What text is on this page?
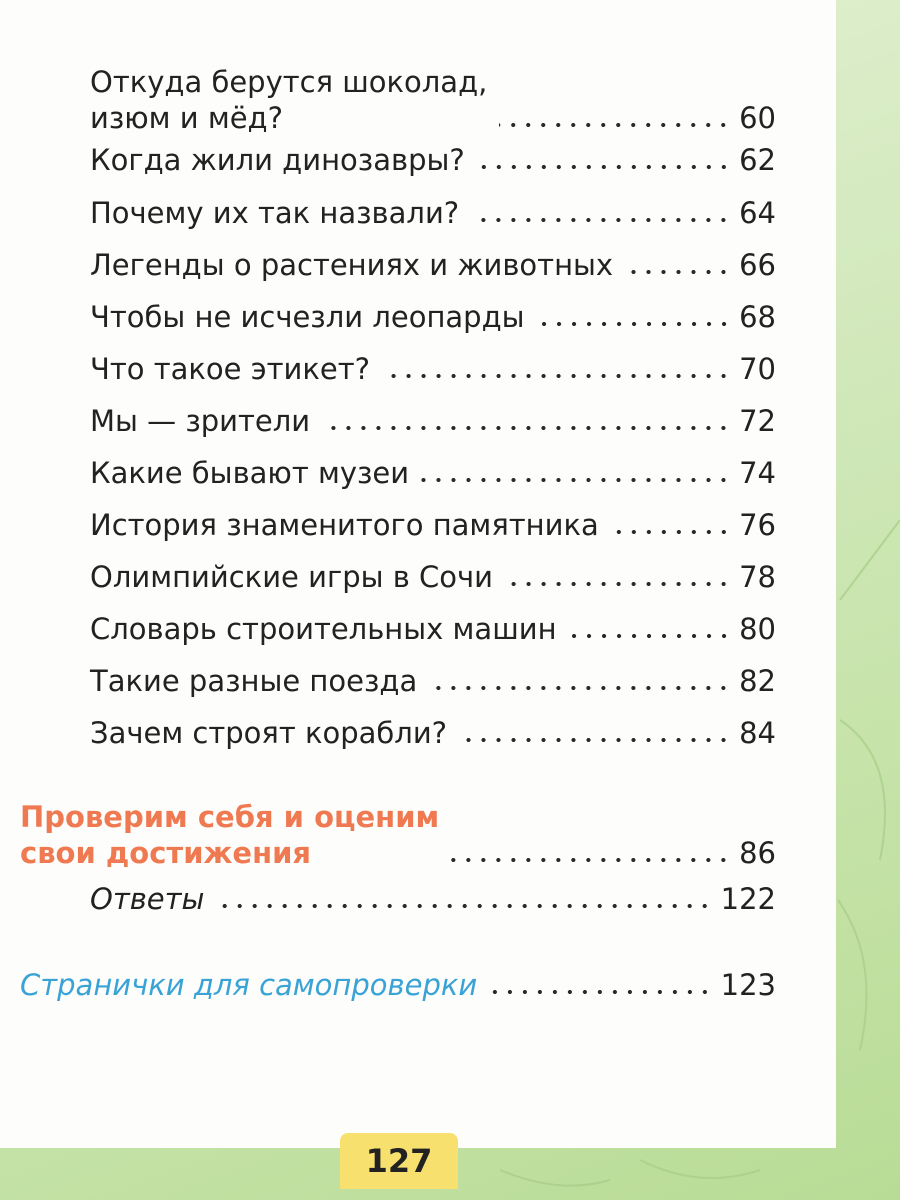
Откуда берутся шоколад,
изюм и мёд?	60
Когда жили динозавры?	62
Почему их так назвали?	64
Легенды о растениях и животных	66
Чтобы не исчезли леопарды	68
Что такое этикет?	70
Мы — зрители	72
Какие бывают музеи	74
История знаменитого памятника	76
Олимпийские игры в Сочи	78
Словарь строительных машин	80
Такие разные поезда	82
Зачем строят корабли?	84
Проверим себя и оценим
свои достижения	86
Ответы	122
Странички для самопроверки	123
127
